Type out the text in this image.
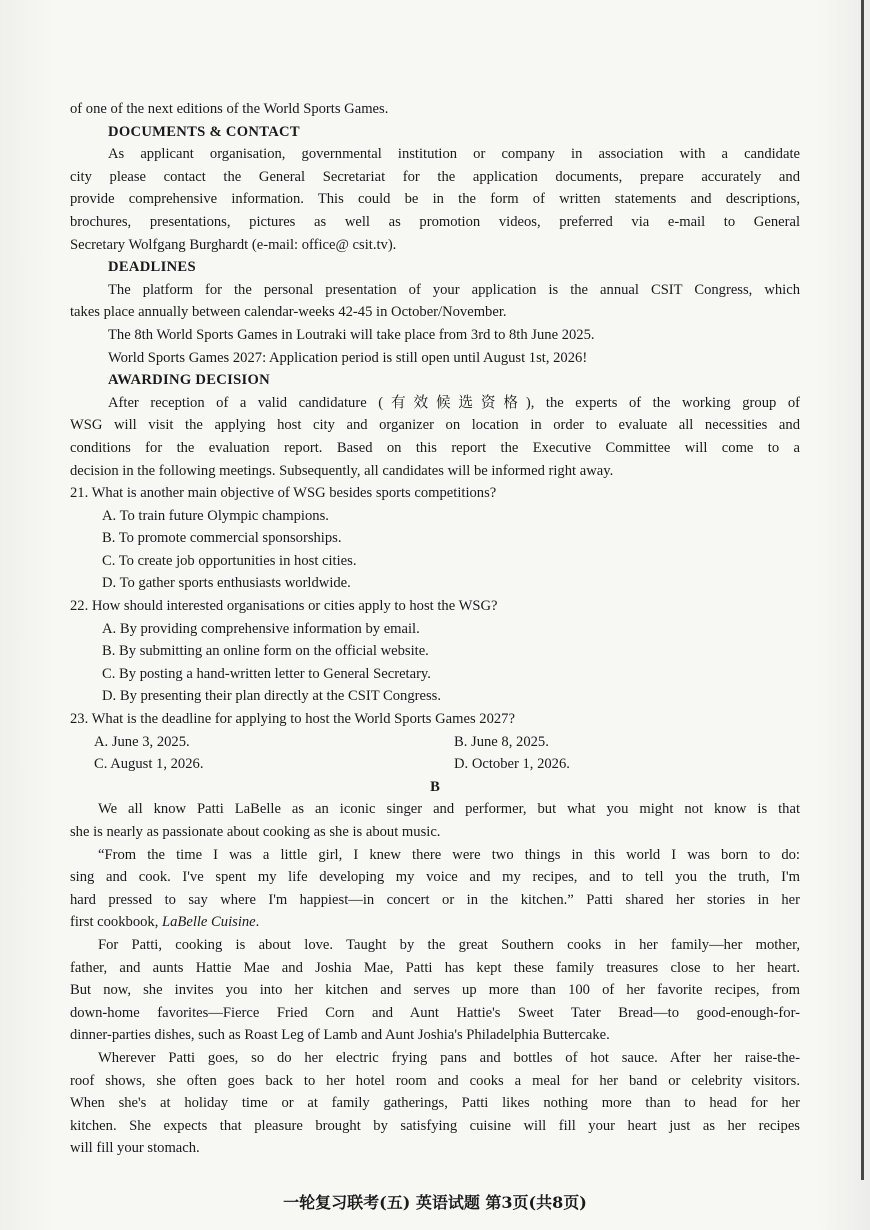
of one of the next editions of the World Sports Games.
DOCUMENTS & CONTACT
As applicant organisation, governmental institution or company in association with a candidate
city please contact the General Secretariat for the application documents, prepare accurately and
provide comprehensive information. This could be in the form of written statements and descriptions,
brochures, presentations, pictures as well as promotion videos, preferred via e-mail to General
Secretary Wolfgang Burghardt (e-mail: office@ csit.tv).
DEADLINES
The platform for the personal presentation of your application is the annual CSIT Congress, which
takes place annually between calendar-weeks 42-45 in October/November.
The 8th World Sports Games in Loutraki will take place from 3rd to 8th June 2025.
World Sports Games 2027: Application period is still open until August 1st, 2026!
AWARDING DECISION
After reception of a valid candidature (有效候选资格), the experts of the working group of
WSG will visit the applying host city and organizer on location in order to evaluate all necessities and
conditions for the evaluation report. Based on this report the Executive Committee will come to a
decision in the following meetings. Subsequently, all candidates will be informed right away.
21. What is another main objective of WSG besides sports competitions?
A. To train future Olympic champions.
B. To promote commercial sponsorships.
C. To create job opportunities in host cities.
D. To gather sports enthusiasts worldwide.
22. How should interested organisations or cities apply to host the WSG?
A. By providing comprehensive information by email.
B. By submitting an online form on the official website.
C. By posting a hand-written letter to General Secretary.
D. By presenting their plan directly at the CSIT Congress.
23. What is the deadline for applying to host the World Sports Games 2027?
A. June 3, 2025.	B. June 8, 2025.
C. August 1, 2026.	D. October 1, 2026.
B
We all know Patti LaBelle as an iconic singer and performer, but what you might not know is that
she is nearly as passionate about cooking as she is about music.
“From the time I was a little girl, I knew there were two things in this world I was born to do:
sing and cook. I've spent my life developing my voice and my recipes, and to tell you the truth, I'm
hard pressed to say where I'm happiest—in concert or in the kitchen.” Patti shared her stories in her
first cookbook, LaBelle Cuisine.
For Patti, cooking is about love. Taught by the great Southern cooks in her family—her mother,
father, and aunts Hattie Mae and Joshia Mae, Patti has kept these family treasures close to her heart.
But now, she invites you into her kitchen and serves up more than 100 of her favorite recipes, from
down-home favorites—Fierce Fried Corn and Aunt Hattie's Sweet Tater Bread—to good-enough-for-
dinner-parties dishes, such as Roast Leg of Lamb and Aunt Joshia's Philadelphia Buttercake.
Wherever Patti goes, so do her electric frying pans and bottles of hot sauce. After her raise-the-
roof shows, she often goes back to her hotel room and cooks a meal for her band or celebrity visitors.
When she's at holiday time or at family gatherings, Patti likes nothing more than to head for her
kitchen. She expects that pleasure brought by satisfying cuisine will fill your heart just as her recipes
will fill your stomach.
一轮复习联考(五) 英语试题 第3页(共8页)
